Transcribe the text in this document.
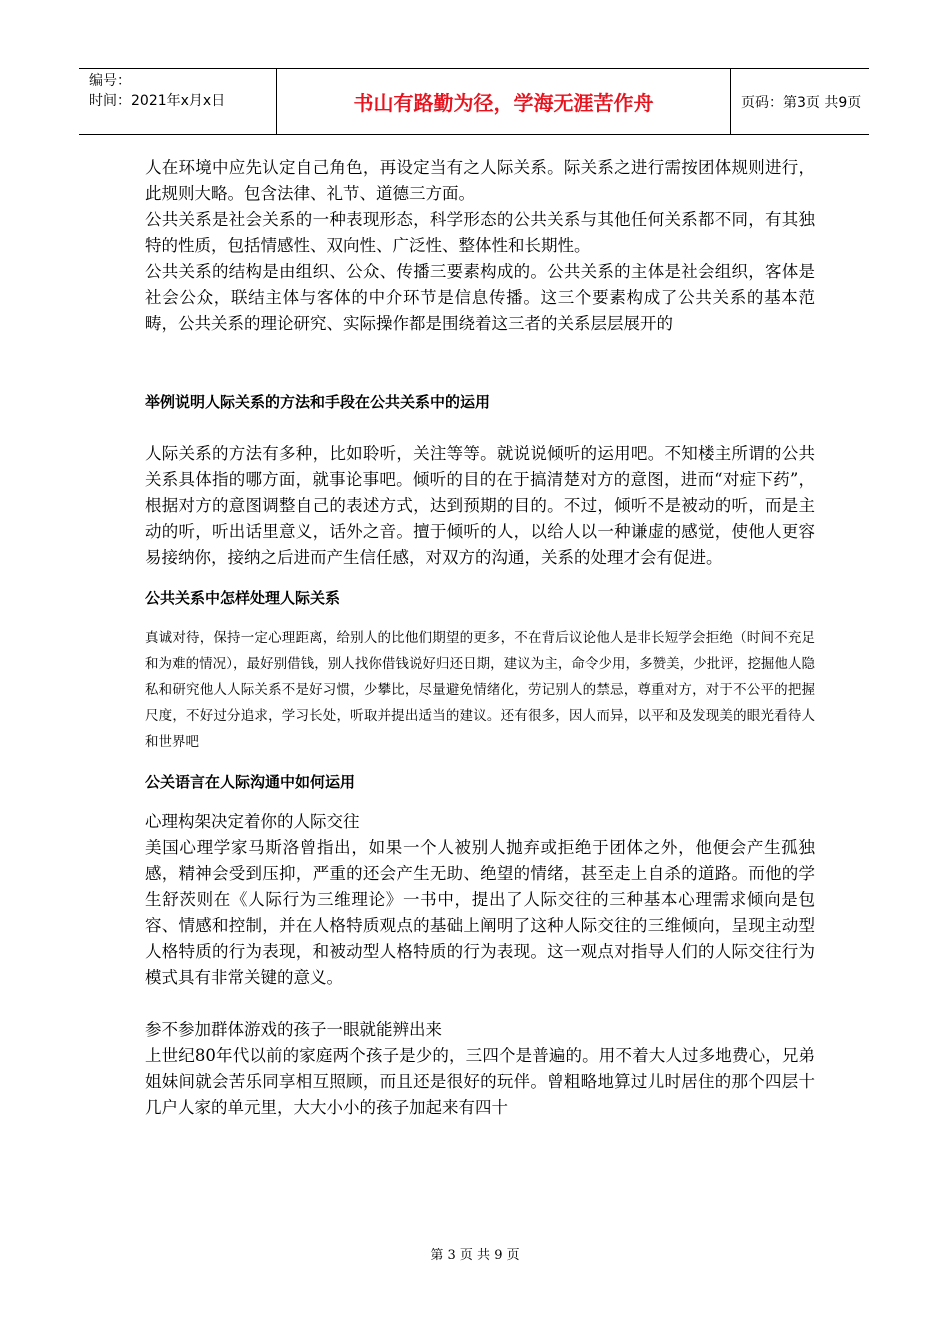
编号：
时间：2021年x月x日	书山有路勤为径，学海无涯苦作舟	页码：第3页 共9页

人在环境中应先认定自己角色，再设定当有之人际关系。际关系之进行需按团体规则进行，此规则大略。包含法律、礼节、道德三方面。

公共关系是社会关系的一种表现形态，科学形态的公共关系与其他任何关系都不同，有其独特的性质，包括情感性、双向性、广泛性、整体性和长期性。

公共关系的结构是由组织、公众、传播三要素构成的。公共关系的主体是社会组织，客体是社会公众，联结主体与客体的中介环节是信息传播。这三个要素构成了公共关系的基本范畴，公共关系的理论研究、实际操作都是围绕着这三者的关系层层展开的

举例说明人际关系的方法和手段在公共关系中的运用

人际关系的方法有多种，比如聆听，关注等等。就说说倾听的运用吧。不知楼主所谓的公共关系具体指的哪方面，就事论事吧。倾听的目的在于搞清楚对方的意图，进而“对症下药”，根据对方的意图调整自己的表述方式，达到预期的目的。不过，倾听不是被动的听，而是主动的听，听出话里意义，话外之音。擅于倾听的人，以给人以一种谦虚的感觉，使他人更容易接纳你，接纳之后进而产生信任感，对双方的沟通，关系的处理才会有促进。

公共关系中怎样处理人际关系

真诚对待，保持一定心理距离，给别人的比他们期望的更多，不在背后议论他人是非长短学会拒绝（时间不充足和为难的情况），最好别借钱，别人找你借钱说好归还日期，建议为主，命令少用，多赞美，少批评，挖掘他人隐私和研究他人人际关系不是好习惯，少攀比，尽量避免情绪化，劳记别人的禁忌，尊重对方，对于不公平的把握尺度，不好过分追求，学习长处，听取并提出适当的建议。还有很多，因人而异，以平和及发现美的眼光看待人和世界吧

公关语言在人际沟通中如何运用

心理构架决定着你的人际交往

美国心理学家马斯洛曾指出，如果一个人被别人抛弃或拒绝于团体之外，他便会产生孤独感，精神会受到压抑，严重的还会产生无助、绝望的情绪，甚至走上自杀的道路。而他的学生舒茨则在《人际行为三维理论》一书中，提出了人际交往的三种基本心理需求倾向是包容、情感和控制，并在人格特质观点的基础上阐明了这种人际交往的三维倾向，呈现主动型人格特质的行为表现，和被动型人格特质的行为表现。这一观点对指导人们的人际交往行为模式具有非常关键的意义。

参不参加群体游戏的孩子一眼就能辨出来

上世纪80年代以前的家庭两个孩子是少的，三四个是普遍的。用不着大人过多地费心，兄弟姐妹间就会苦乐同享相互照顾，而且还是很好的玩伴。曾粗略地算过儿时居住的那个四层十几户人家的单元里，大大小小的孩子加起来有四十

第 3 页 共 9 页
